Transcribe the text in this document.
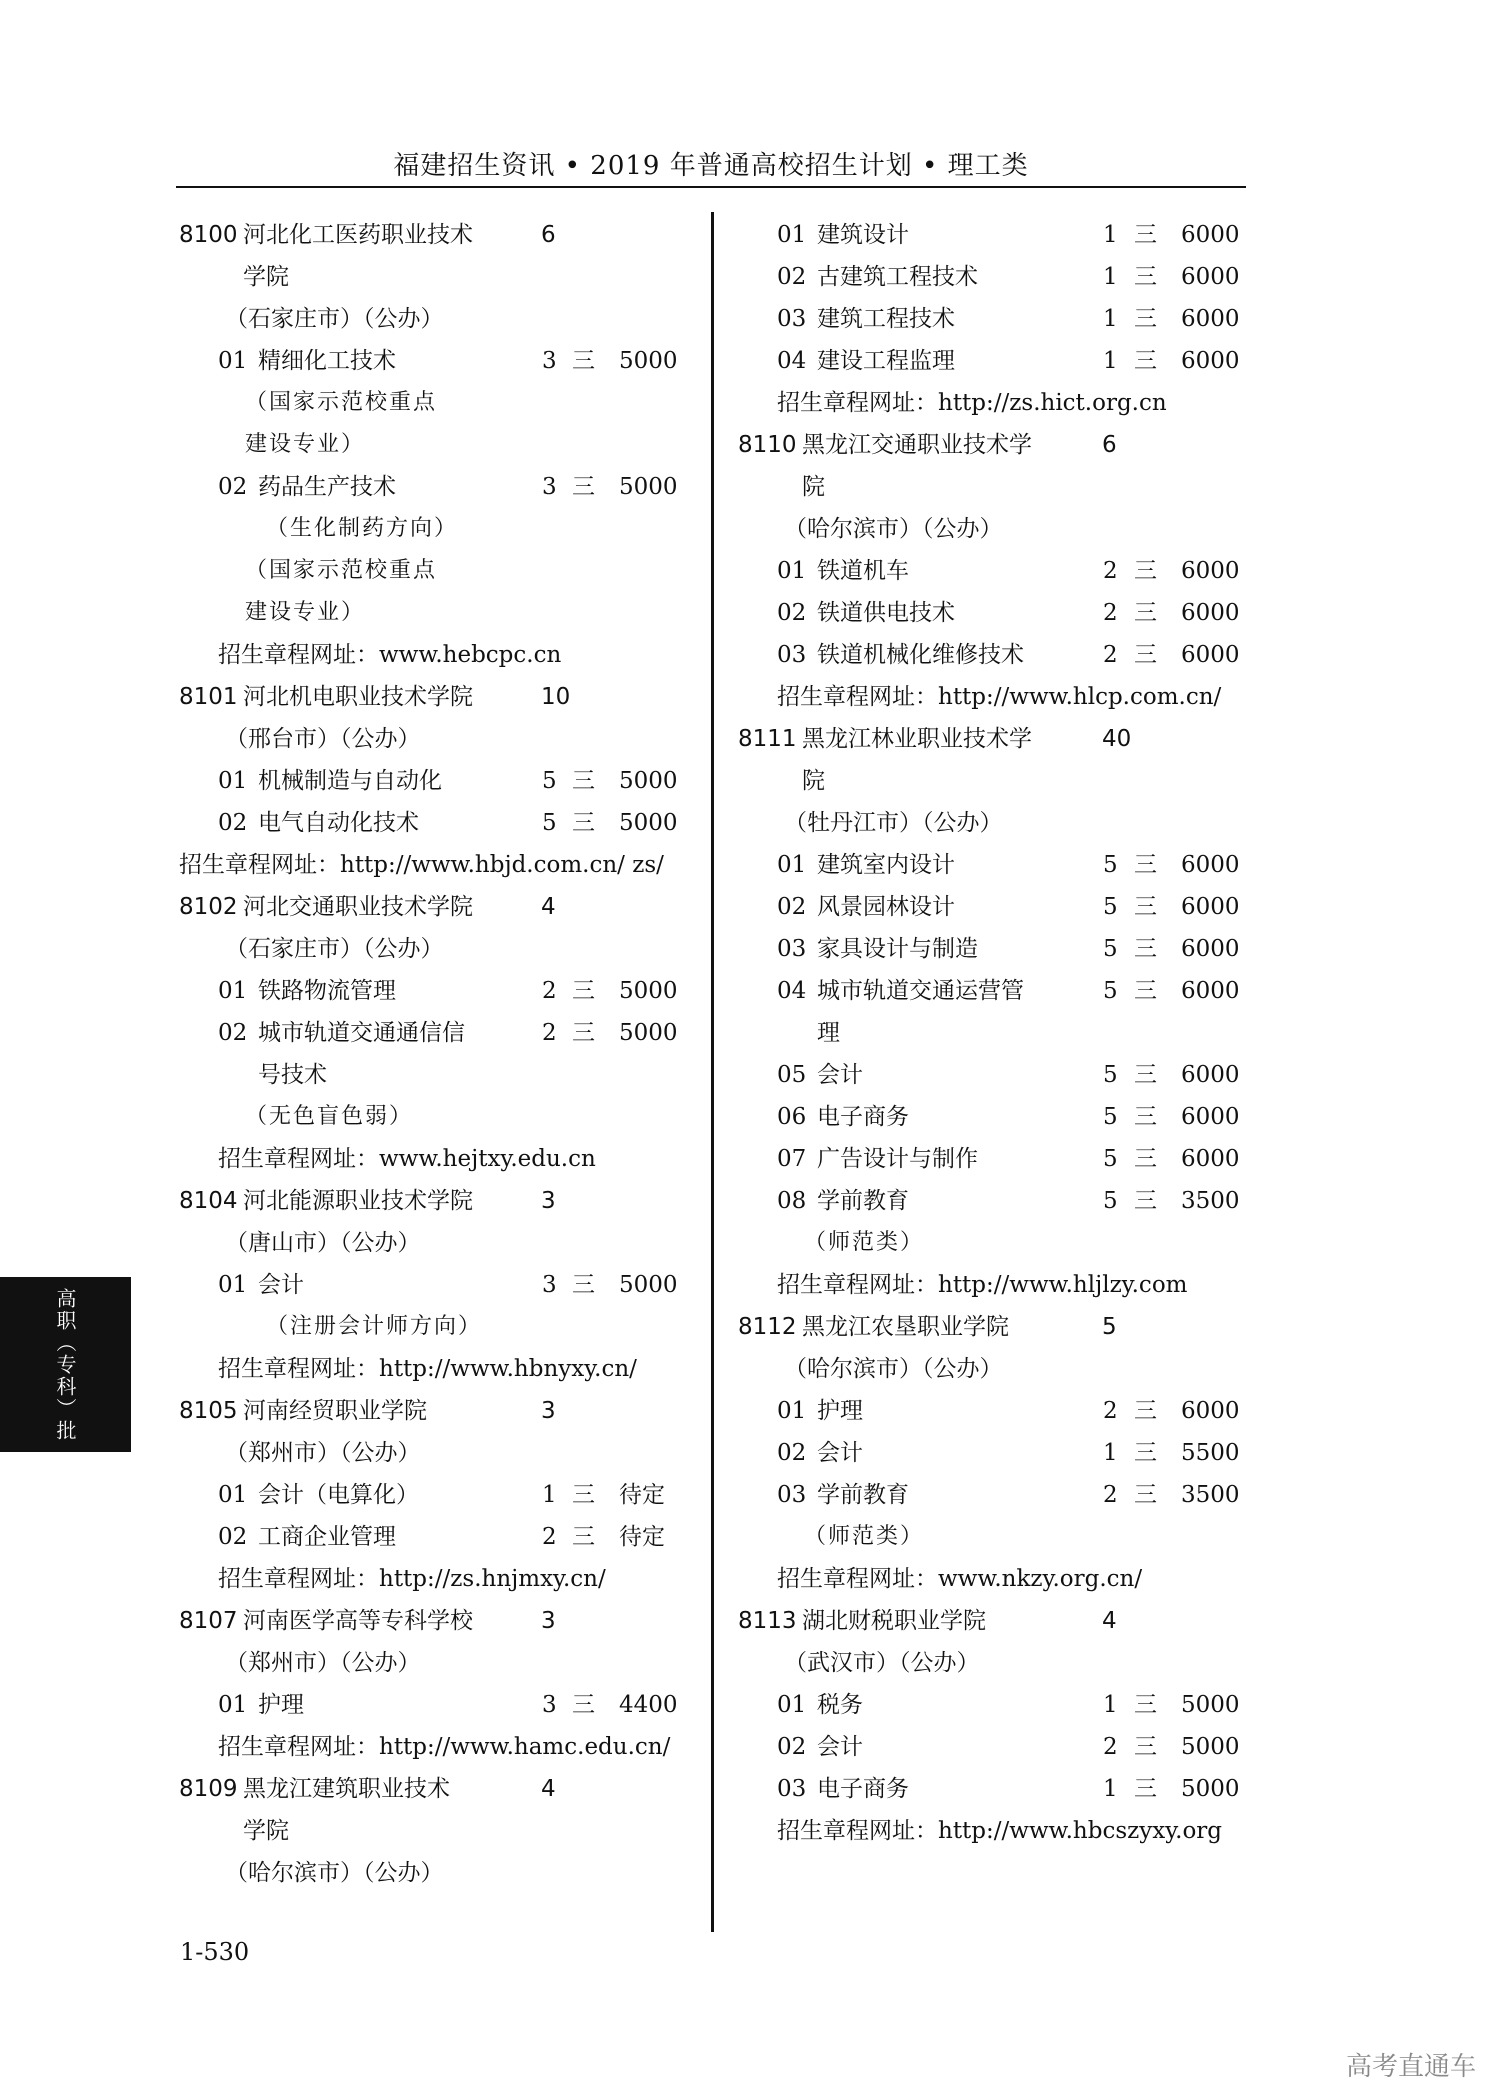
福建招生资讯 • 2019 年普通高校招生计划 • 理工类
8100 河北化工医药职业技术	6
学院
（石家庄市）（公办）
01 精细化工技术	3 三 5000
（国家示范校重点
建设专业）
02 药品生产技术	3 三 5000
（生化制药方向）
（国家示范校重点
建设专业）
招生章程网址：www.hebcpc.cn
8101 河北机电职业技术学院	10
（邢台市）（公办）
01 机械制造与自动化	5 三 5000
02 电气自动化技术	5 三 5000
招生章程网址：http://www.hbjd.com.cn/ zs/
8102 河北交通职业技术学院	4
（石家庄市）（公办）
01 铁路物流管理	2 三 5000
02 城市轨道交通通信信	2 三 5000
号技术
（无色盲色弱）
招生章程网址：www.hejtxy.edu.cn
8104 河北能源职业技术学院	3
（唐山市）（公办）
01 会计	3 三 5000
（注册会计师方向）
招生章程网址：http://www.hbnyxy.cn/
8105 河南经贸职业学院	3
（郑州市）（公办）
01 会计（电算化）	1 三 待定
02 工商企业管理	2 三 待定
招生章程网址：http://zs.hnjmxy.cn/
8107 河南医学高等专科学校	3
（郑州市）（公办）
01 护理	3 三 4400
招生章程网址：http://www.hamc.edu.cn/
8109 黑龙江建筑职业技术	4
学院
（哈尔滨市）（公办）
01 建筑设计	1 三 6000
02 古建筑工程技术	1 三 6000
03 建筑工程技术	1 三 6000
04 建设工程监理	1 三 6000
招生章程网址：http://zs.hict.org.cn
8110 黑龙江交通职业技术学	6
院
（哈尔滨市）（公办）
01 铁道机车	2 三 6000
02 铁道供电技术	2 三 6000
03 铁道机械化维修技术	2 三 6000
招生章程网址：http://www.hlcp.com.cn/
8111 黑龙江林业职业技术学	40
院
（牡丹江市）（公办）
01 建筑室内设计	5 三 6000
02 风景园林设计	5 三 6000
03 家具设计与制造	5 三 6000
04 城市轨道交通运营管	5 三 6000
理
05 会计	5 三 6000
06 电子商务	5 三 6000
07 广告设计与制作	5 三 6000
08 学前教育	5 三 3500
（师范类）
招生章程网址：http://www.hljlzy.com
8112 黑龙江农垦职业学院	5
（哈尔滨市）（公办）
01 护理	2 三 6000
02 会计	1 三 5500
03 学前教育	2 三 3500
（师范类）
招生章程网址：www.nkzy.org.cn/
8113 湖北财税职业学院	4
（武汉市）（公办）
01 税务	1 三 5000
02 会计	2 三 5000
03 电子商务	1 三 5000
招生章程网址：http://www.hbcszyxy.org
高职（专科）批
1-530
高考直通车
